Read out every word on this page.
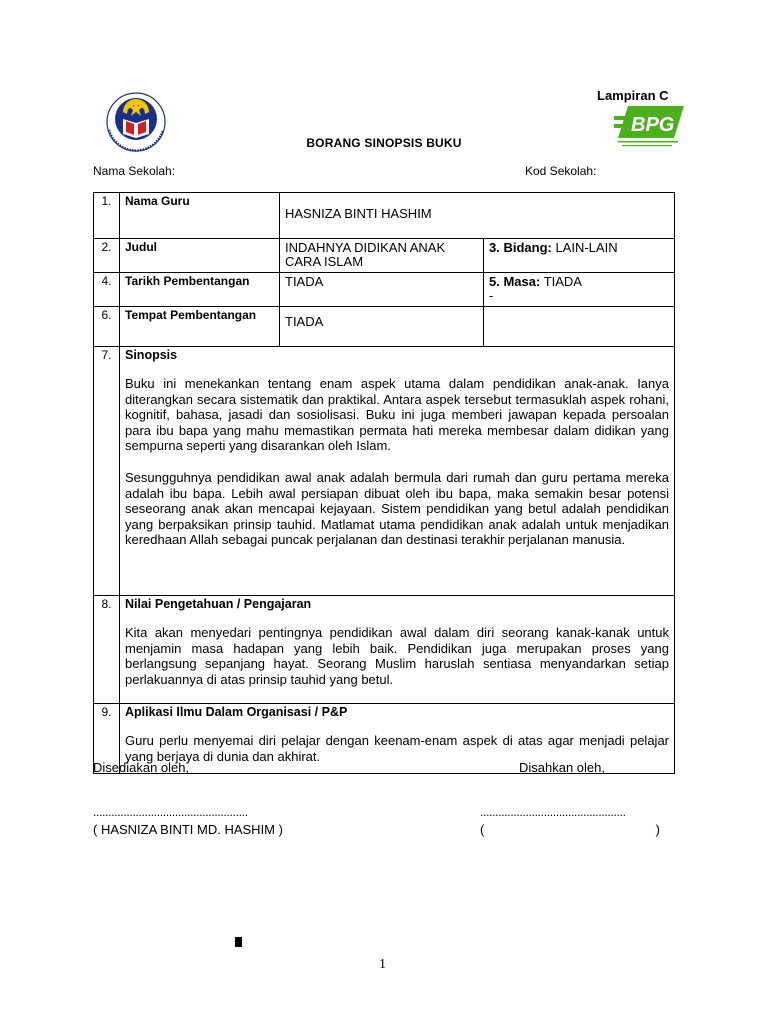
Lampiran C
BPG
BORANG SINOPSIS BUKU
Nama Sekolah:	Kod Sekolah:
1.	Nama Guru	HASNIZA BINTI HASHIM	
2.	Judul	INDAHNYA DIDIKAN ANAK CARA ISLAM	3. Bidang: LAIN-LAIN
4.	Tarikh Pembentangan	TIADA	5. Masa: TIADA
-
6.	Tempat Pembentangan	TIADA	
7.	Sinopsis

Buku ini menekankan tentang enam aspek utama dalam pendidikan anak-anak. Ianya diterangkan secara sistematik dan praktikal. Antara aspek tersebut termasuklah aspek rohani, kognitif, bahasa, jasadi dan sosiolisasi. Buku ini juga memberi jawapan kepada persoalan para ibu bapa yang mahu memastikan permata hati mereka membesar dalam didikan yang sempurna seperti yang disarankan oleh Islam.

Sesungguhnya pendidikan awal anak adalah bermula dari rumah dan guru pertama mereka adalah ibu bapa. Lebih awal persiapan dibuat oleh ibu bapa, maka semakin besar potensi seseorang anak akan mencapai kejayaan. Sistem pendidikan yang betul adalah pendidikan yang berpaksikan prinsip tauhid. Matlamat utama pendidikan anak adalah untuk menjadikan keredhaan Allah sebagai puncak perjalanan dan destinasi terakhir perjalanan manusia.		

8.	Nilai Pengetahuan / Pengajaran

Kita akan menyedari pentingnya pendidikan awal dalam diri seorang kanak-kanak untuk menjamin masa hadapan yang lebih baik. Pendidikan juga merupakan proses yang berlangsung sepanjang hayat. Seorang Muslim haruslah sentiasa menyandarkan setiap perlakuannya di atas prinsip tauhid yang betul.		

9.	Aplikasi Ilmu Dalam Organisasi / P&P

Guru perlu menyemai diri pelajar dengan keenam-enam aspek di atas agar menjadi pelajar yang berjaya di dunia dan akhirat.		

Disediakan oleh,	Disahkan oleh,
...................................................	................................................
( HASNIZA BINTI MD. HASHIM )	(	)
1
